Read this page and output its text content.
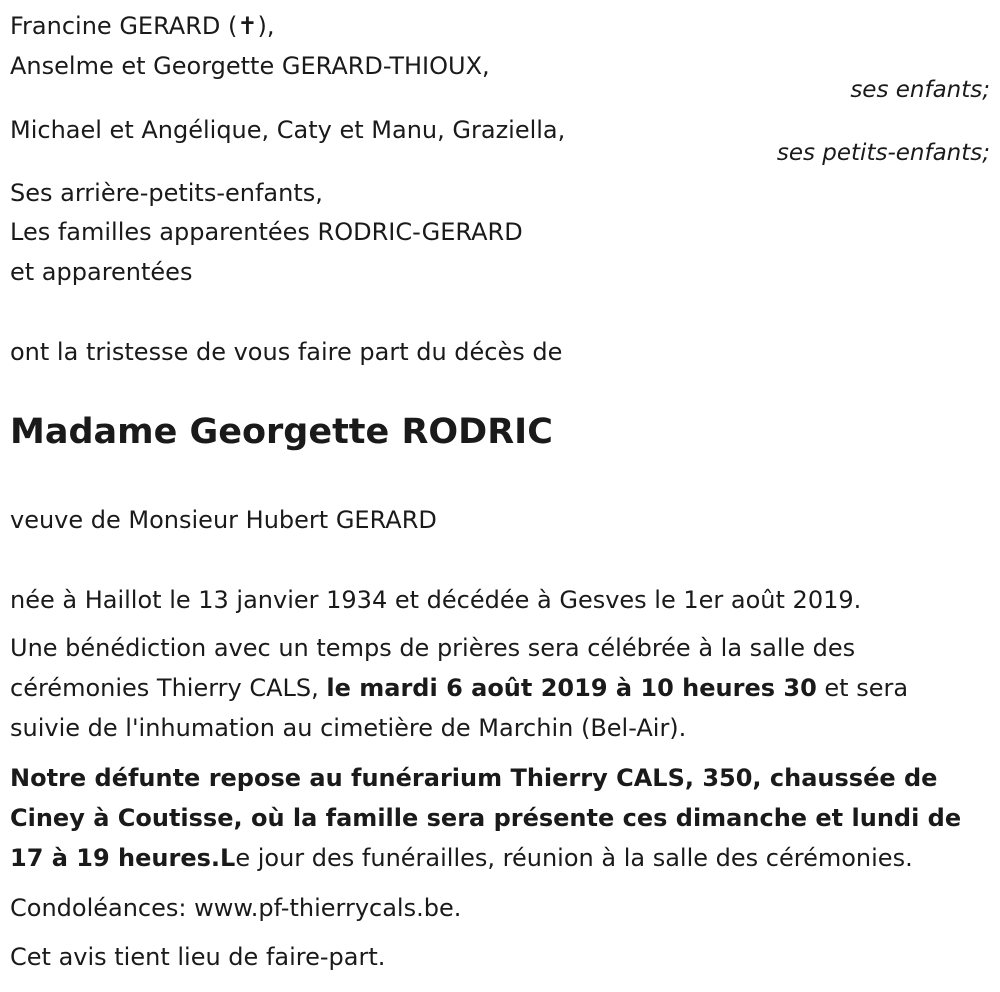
Francine GERARD (✝),
Anselme et Georgette GERARD-THIOUX,
ses enfants;
Michael et Angélique, Caty et Manu, Graziella,
ses petits-enfants;
Ses arrière-petits-enfants,
Les familles apparentées RODRIC-GERARD
et apparentées
ont la tristesse de vous faire part du décès de
Madame Georgette RODRIC
veuve de Monsieur Hubert GERARD
née à Haillot le 13 janvier 1934 et décédée à Gesves le 1er août 2019.

Une bénédiction avec un temps de prières sera célébrée à la salle des cérémonies Thierry CALS, le mardi 6 août 2019 à 10 heures 30 et sera suivie de l'inhumation au cimetière de Marchin (Bel-Air).

Notre défunte repose au funérarium Thierry CALS, 350, chaussée de Ciney à Coutisse, où la famille sera présente ces dimanche et lundi de 17 à 19 heures.Le jour des funérailles, réunion à la salle des cérémonies.

Condoléances: www.pf-thierrycals.be.
Cet avis tient lieu de faire-part.
